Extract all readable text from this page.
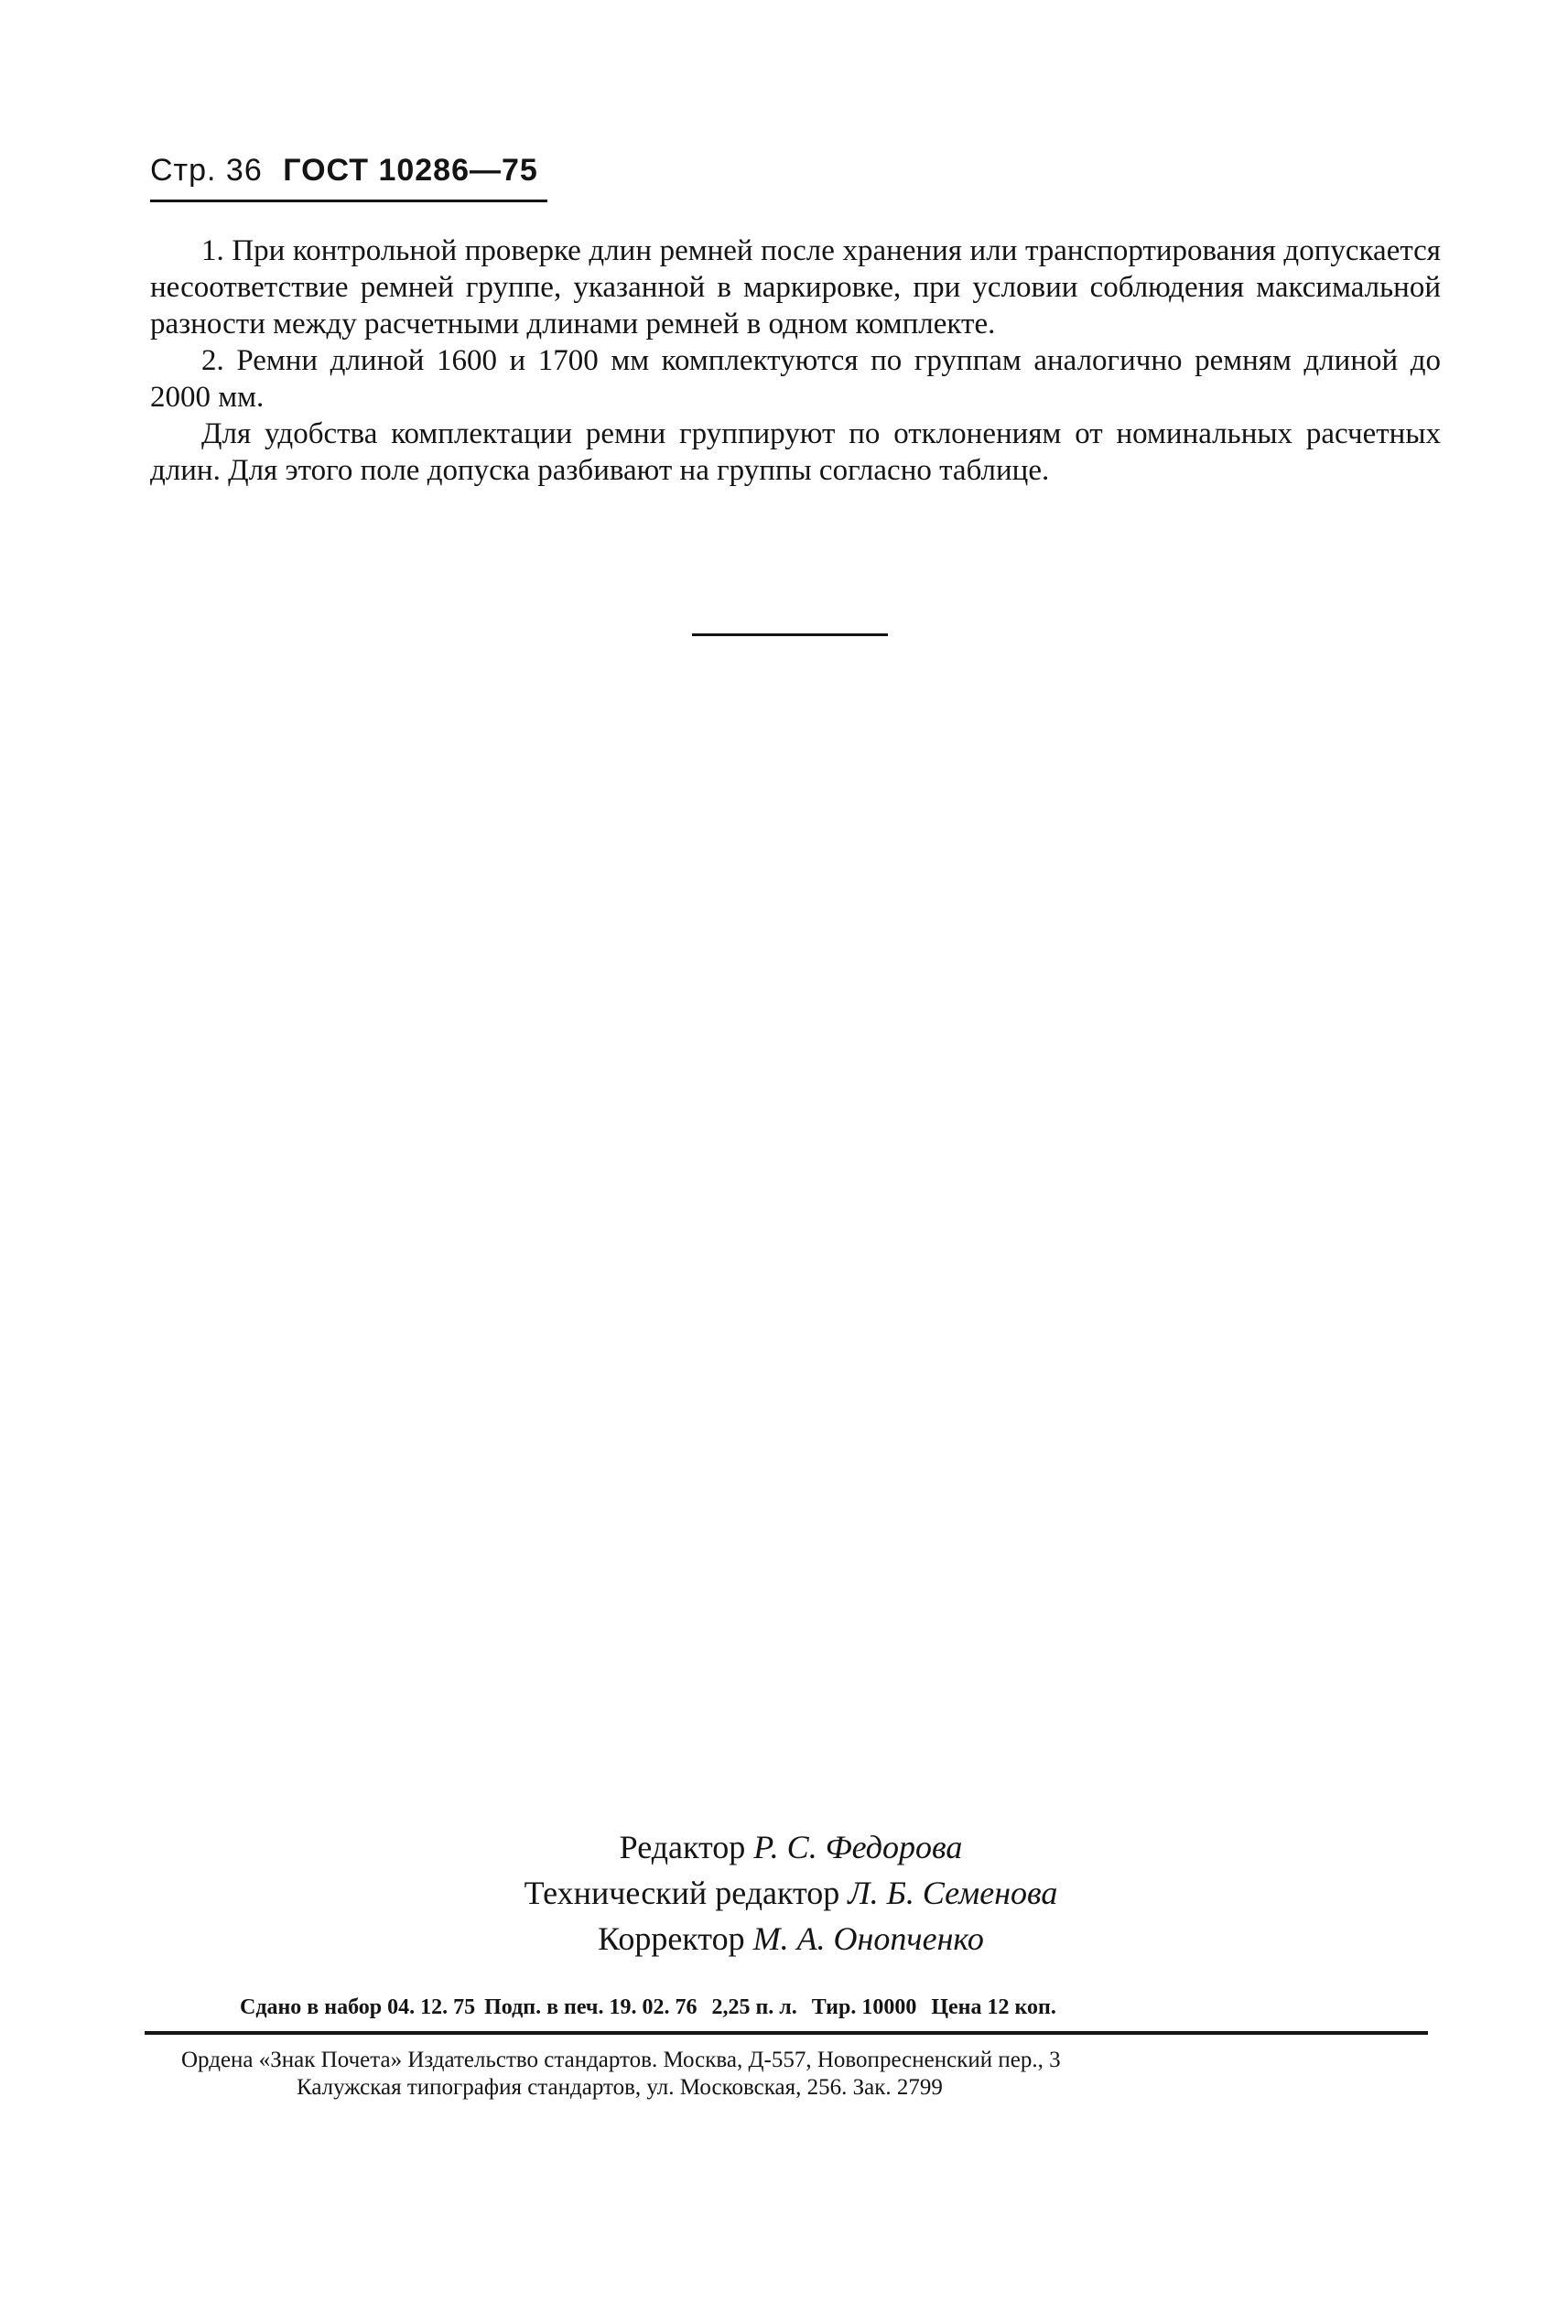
Стр. 36 ГОСТ 10286—75

1. При контрольной проверке длин ремней после хранения или транспортирования допускается несоответствие ремней группе, указанной в маркировке, при условии соблюдения максимальной разности между расчетными длинами ремней в одном комплекте.

2. Ремни длиной 1600 и 1700 мм комплектуются по группам аналогично ремням длиной до 2000 мм.

Для удобства комплектации ремни группируют по отклонениям от номинальных расчетных длин. Для этого поле допуска разбивают на группы согласно таблице.

Редактор Р. С. Федорова
Технический редактор Л. Б. Семенова
Корректор М. А. Онопченко
Сдано в набор 04. 12. 75 Подп. в печ. 19. 02. 76 2,25 п. л. Тир. 10000 Цена 12 коп.
Ордена «Знак Почета» Издательство стандартов. Москва, Д-557, Новопресненский пер., 3
Калужская типография стандартов, ул. Московская, 256. Зак. 2799
